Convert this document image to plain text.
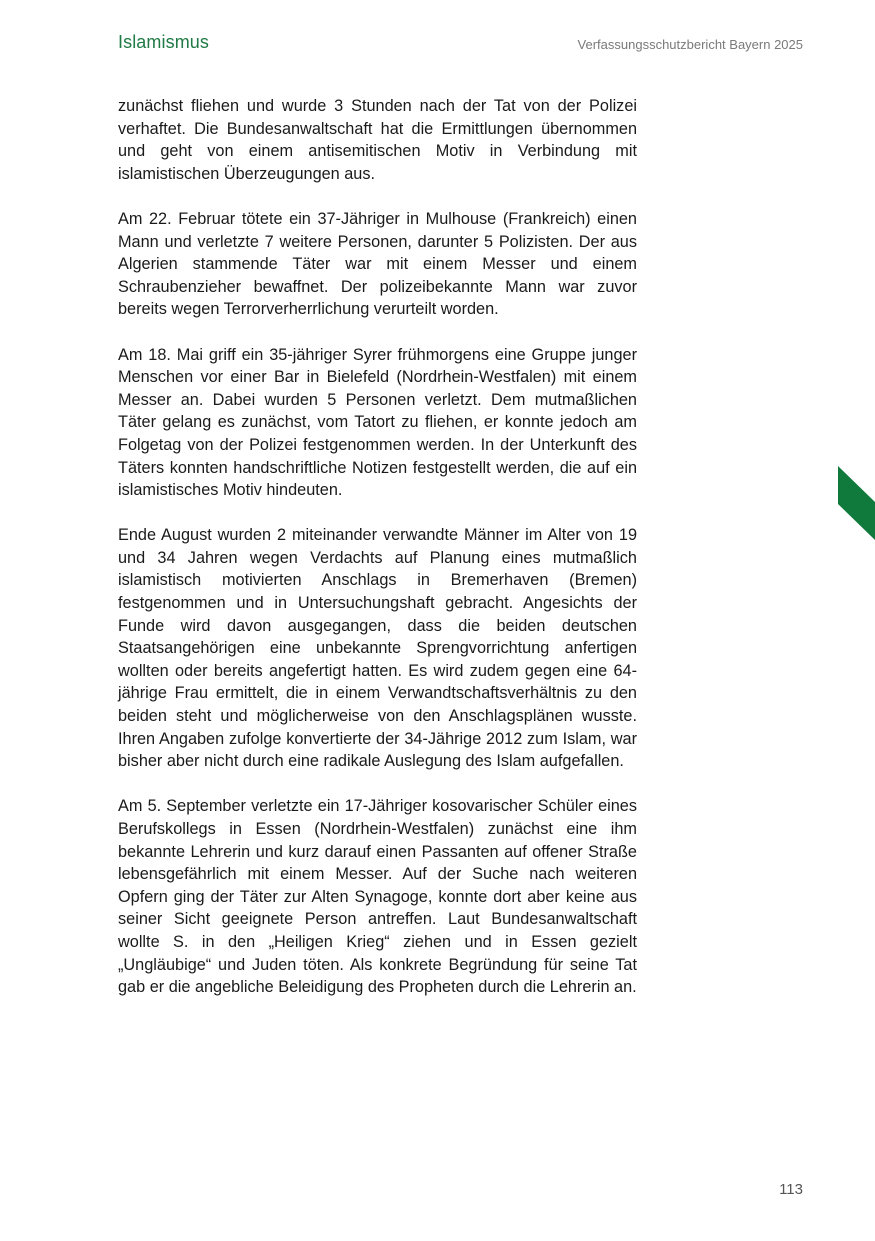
Islamismus	Verfassungsschutzbericht Bayern 2025

zunächst fliehen und wurde 3 Stunden nach der Tat von der Polizei verhaftet. Die Bundesanwaltschaft hat die Ermittlungen übernommen und geht von einem antisemitischen Motiv in Verbindung mit islamistischen Überzeugungen aus.

Am 22. Februar tötete ein 37-Jähriger in Mulhouse (Frankreich) einen Mann und verletzte 7 weitere Personen, darunter 5 Polizisten. Der aus Algerien stammende Täter war mit einem Messer und einem Schraubenzieher bewaffnet. Der polizeibekannte Mann war zuvor bereits wegen Terrorverherrlichung verurteilt worden.

Am 18. Mai griff ein 35-jähriger Syrer frühmorgens eine Gruppe junger Menschen vor einer Bar in Bielefeld (Nordrhein-Westfalen) mit einem Messer an. Dabei wurden 5 Personen verletzt. Dem mutmaßlichen Täter gelang es zunächst, vom Tatort zu fliehen, er konnte jedoch am Folgetag von der Polizei festgenommen werden. In der Unterkunft des Täters konnten handschriftliche Notizen festgestellt werden, die auf ein islamistisches Motiv hindeuten.

Ende August wurden 2 miteinander verwandte Männer im Alter von 19 und 34 Jahren wegen Verdachts auf Planung eines mutmaßlich islamistisch motivierten Anschlags in Bremerhaven (Bremen) festgenommen und in Untersuchungshaft gebracht. Angesichts der Funde wird davon ausgegangen, dass die beiden deutschen Staatsangehörigen eine unbekannte Sprengvorrichtung anfertigen wollten oder bereits angefertigt hatten. Es wird zudem gegen eine 64-jährige Frau ermittelt, die in einem Verwandtschaftsverhältnis zu den beiden steht und möglicherweise von den Anschlagsplänen wusste. Ihren Angaben zufolge konvertierte der 34-Jährige 2012 zum Islam, war bisher aber nicht durch eine radikale Auslegung des Islam aufgefallen.

Am 5. September verletzte ein 17-Jähriger kosovarischer Schüler eines Berufskollegs in Essen (Nordrhein-Westfalen) zunächst eine ihm bekannte Lehrerin und kurz darauf einen Passanten auf offener Straße lebensgefährlich mit einem Messer. Auf der Suche nach weiteren Opfern ging der Täter zur Alten Synagoge, konnte dort aber keine aus seiner Sicht geeignete Person antreffen. Laut Bundesanwaltschaft wollte S. in den „Heiligen Krieg“ ziehen und in Essen gezielt „Ungläubige“ und Juden töten. Als konkrete Begründung für seine Tat gab er die angebliche Beleidigung des Propheten durch die Lehrerin an.

113
